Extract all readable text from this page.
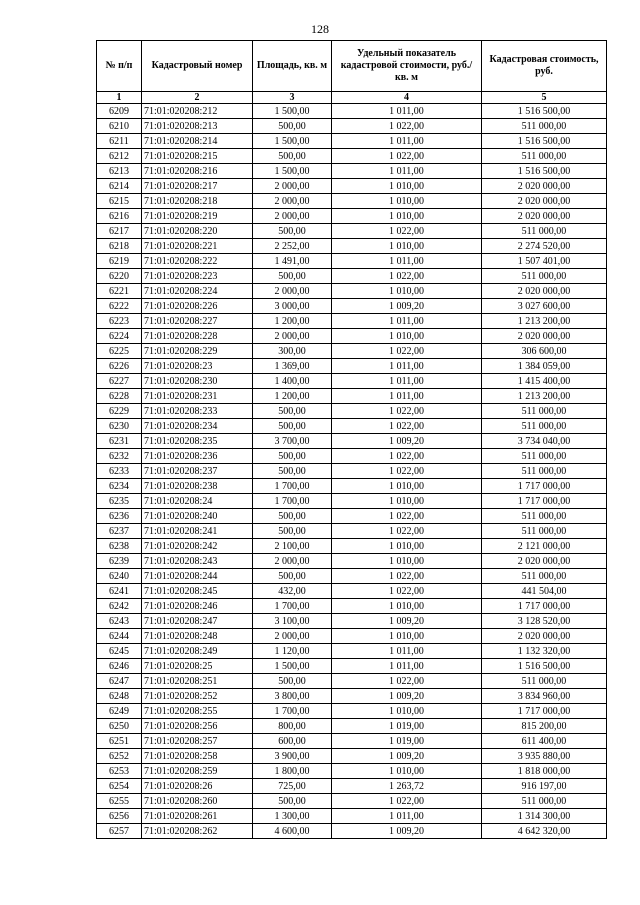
128
№ п/п	Кадастровый номер	Площадь, кв. м	Удельный показатель кадастровой стоимости, руб./кв. м	Кадастровая стоимость, руб.
1	2	3	4	5
6209	71:01:020208:212	1 500,00	1 011,00	1 516 500,00
6210	71:01:020208:213	500,00	1 022,00	511 000,00
6211	71:01:020208:214	1 500,00	1 011,00	1 516 500,00
6212	71:01:020208:215	500,00	1 022,00	511 000,00
6213	71:01:020208:216	1 500,00	1 011,00	1 516 500,00
6214	71:01:020208:217	2 000,00	1 010,00	2 020 000,00
6215	71:01:020208:218	2 000,00	1 010,00	2 020 000,00
6216	71:01:020208:219	2 000,00	1 010,00	2 020 000,00
6217	71:01:020208:220	500,00	1 022,00	511 000,00
6218	71:01:020208:221	2 252,00	1 010,00	2 274 520,00
6219	71:01:020208:222	1 491,00	1 011,00	1 507 401,00
6220	71:01:020208:223	500,00	1 022,00	511 000,00
6221	71:01:020208:224	2 000,00	1 010,00	2 020 000,00
6222	71:01:020208:226	3 000,00	1 009,20	3 027 600,00
6223	71:01:020208:227	1 200,00	1 011,00	1 213 200,00
6224	71:01:020208:228	2 000,00	1 010,00	2 020 000,00
6225	71:01:020208:229	300,00	1 022,00	306 600,00
6226	71:01:020208:23	1 369,00	1 011,00	1 384 059,00
6227	71:01:020208:230	1 400,00	1 011,00	1 415 400,00
6228	71:01:020208:231	1 200,00	1 011,00	1 213 200,00
6229	71:01:020208:233	500,00	1 022,00	511 000,00
6230	71:01:020208:234	500,00	1 022,00	511 000,00
6231	71:01:020208:235	3 700,00	1 009,20	3 734 040,00
6232	71:01:020208:236	500,00	1 022,00	511 000,00
6233	71:01:020208:237	500,00	1 022,00	511 000,00
6234	71:01:020208:238	1 700,00	1 010,00	1 717 000,00
6235	71:01:020208:24	1 700,00	1 010,00	1 717 000,00
6236	71:01:020208:240	500,00	1 022,00	511 000,00
6237	71:01:020208:241	500,00	1 022,00	511 000,00
6238	71:01:020208:242	2 100,00	1 010,00	2 121 000,00
6239	71:01:020208:243	2 000,00	1 010,00	2 020 000,00
6240	71:01:020208:244	500,00	1 022,00	511 000,00
6241	71:01:020208:245	432,00	1 022,00	441 504,00
6242	71:01:020208:246	1 700,00	1 010,00	1 717 000,00
6243	71:01:020208:247	3 100,00	1 009,20	3 128 520,00
6244	71:01:020208:248	2 000,00	1 010,00	2 020 000,00
6245	71:01:020208:249	1 120,00	1 011,00	1 132 320,00
6246	71:01:020208:25	1 500,00	1 011,00	1 516 500,00
6247	71:01:020208:251	500,00	1 022,00	511 000,00
6248	71:01:020208:252	3 800,00	1 009,20	3 834 960,00
6249	71:01:020208:255	1 700,00	1 010,00	1 717 000,00
6250	71:01:020208:256	800,00	1 019,00	815 200,00
6251	71:01:020208:257	600,00	1 019,00	611 400,00
6252	71:01:020208:258	3 900,00	1 009,20	3 935 880,00
6253	71:01:020208:259	1 800,00	1 010,00	1 818 000,00
6254	71:01:020208:26	725,00	1 263,72	916 197,00
6255	71:01:020208:260	500,00	1 022,00	511 000,00
6256	71:01:020208:261	1 300,00	1 011,00	1 314 300,00
6257	71:01:020208:262	4 600,00	1 009,20	4 642 320,00
